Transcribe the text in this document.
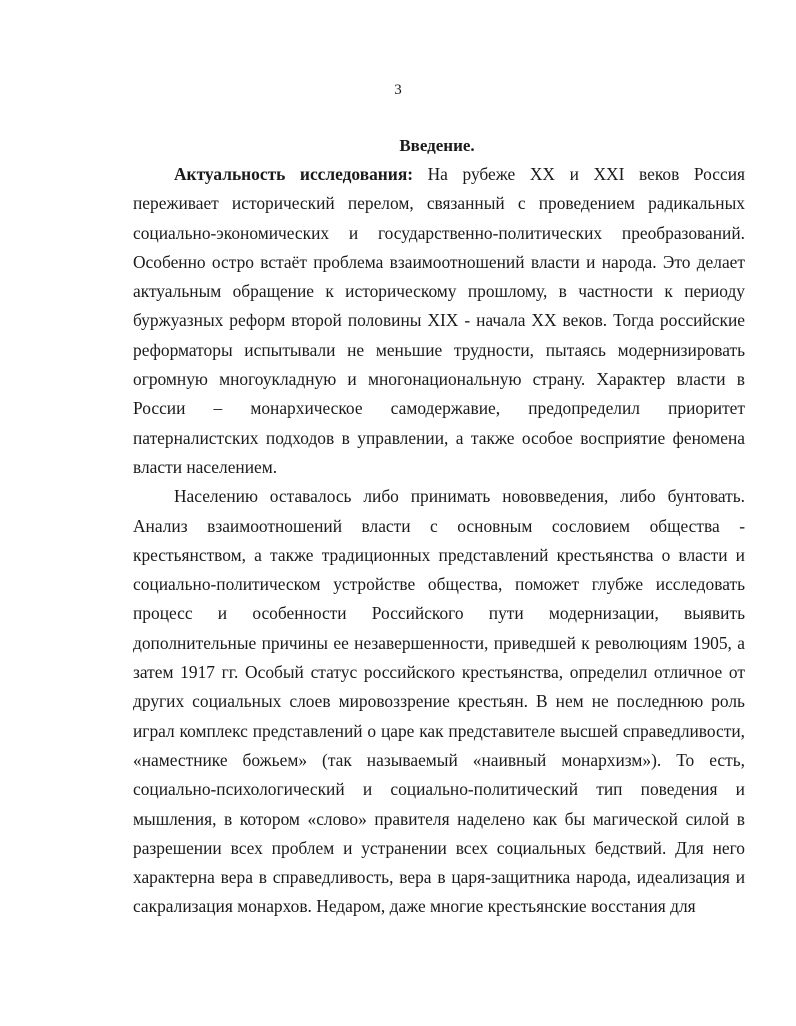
3
Введение.

Актуальность исследования: На рубеже XX и XXI веков Россия переживает исторический перелом, связанный с проведением радикальных социально-экономических и государственно-политических преобразований. Особенно остро встаёт проблема взаимоотношений власти и народа. Это делает актуальным обращение к историческому прошлому, в частности к периоду буржуазных реформ второй половины XIX - начала XX веков. Тогда российские реформаторы испытывали не меньшие трудности, пытаясь модернизировать огромную многоукладную и многонациональную страну. Характер власти в России – монархическое самодержавие, предопределил приоритет патерналистских подходов в управлении, а также особое восприятие феномена власти населением.

Населению оставалось либо принимать нововведения, либо бунтовать. Анализ взаимоотношений власти с основным сословием общества - крестьянством, а также традиционных представлений крестьянства о власти и социально-политическом устройстве общества, поможет глубже исследовать процесс и особенности Российского пути модернизации, выявить дополнительные причины ее незавершенности, приведшей к революциям 1905, а затем 1917 гг. Особый статус российского крестьянства, определил отличное от других социальных слоев мировоззрение крестьян. В нем не последнюю роль играл комплекс представлений о царе как представителе высшей справедливости, «наместнике божьем» (так называемый «наивный монархизм»). То есть, социально-психологический и социально-политический тип поведения и мышления, в котором «слово» правителя наделено как бы магической силой в разрешении всех проблем и устранении всех социальных бедствий. Для него характерна вера в справедливость, вера в царя-защитника народа, идеализация и сакрализация монархов. Недаром, даже многие крестьянские восстания для
